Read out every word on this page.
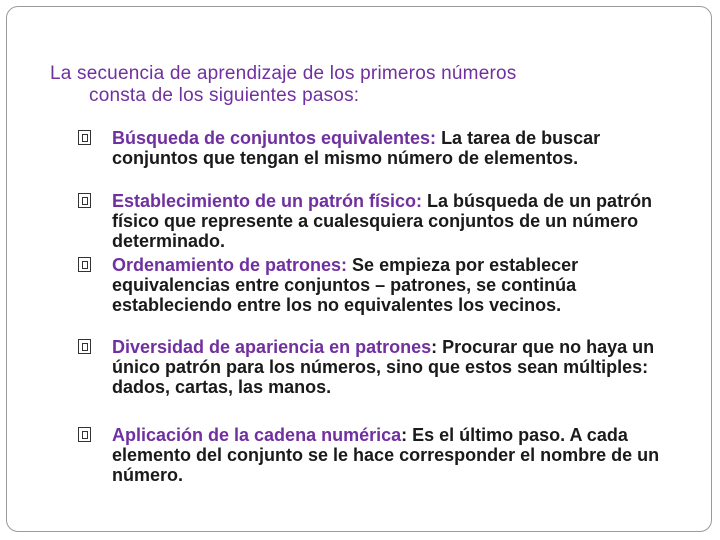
La secuencia de aprendizaje de los primeros números
consta de los siguientes pasos:
Búsqueda de conjuntos equivalentes: La tarea de buscar conjuntos que tengan el mismo número de elementos.
Establecimiento de un patrón físico: La búsqueda de un patrón físico que represente a cualesquiera conjuntos de un número determinado.
Ordenamiento de patrones: Se empieza por establecer equivalencias entre conjuntos – patrones, se continúa estableciendo entre los no equivalentes los vecinos.
Diversidad de apariencia en patrones: Procurar que no haya un único patrón para los números, sino que estos sean múltiples: dados, cartas, las manos.
Aplicación de la cadena numérica: Es el último paso. A cada elemento del conjunto se le hace corresponder el nombre de un número.
